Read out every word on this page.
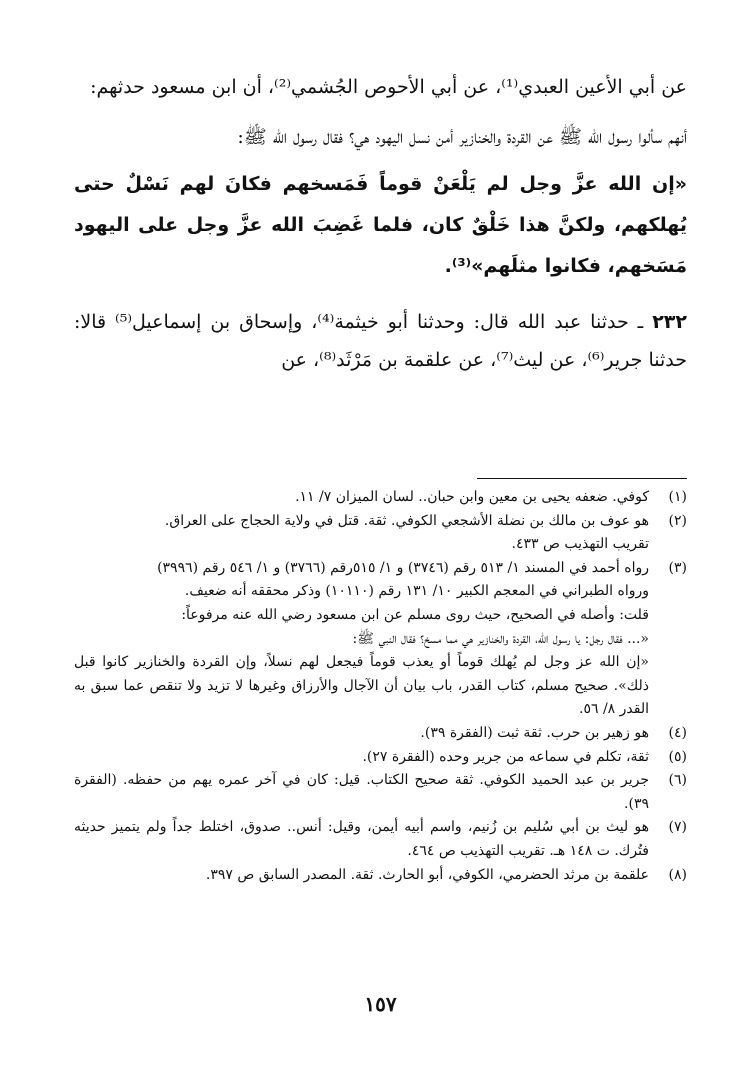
عن أبي الأعين العبدي⁽¹⁾، عن أبي الأحوص الجُشمي⁽²⁾، أن ابن مسعود حدثهم:

أنهم سألوا رسول الله ﷺ عن القردة والخنازير أمن نسل اليهود هي؟ فقال رسول الله ﷺ:

«إن الله عزَّ وجل لم يَلْعَنْ قوماً فَمَسخهم فكانَ لهم نَسْلٌ حتى يُهلكهم، ولكنَّ هذا خَلْقٌ كان، فلما غَضِبَ الله عزَّ وجل على اليهود مَسَخهم، فكانوا مثلَهم»⁽³⁾.

٢٣٢ ـ حدثنا عبد الله قال: وحدثنا أبو خيثمة⁽⁴⁾، وإسحاق بن إسماعيل⁽⁵⁾ قالا: حدثنا جرير⁽⁶⁾، عن ليث⁽⁷⁾، عن علقمة بن مَرْثَد⁽⁸⁾، عن

(١)
كوفي. ضعفه يحيى بن معين وابن حبان.. لسان الميزان ٧/ ١١.
(٢)
هو عوف بن مالك بن نضلة الأشجعي الكوفي. ثقة. قتل في ولاية الحجاج على العراق.
تقريب التهذيب ص ٤٣٣.
(٣)
رواه أحمد في المسند ١/ ٥١٣ رقم (٣٧٤٦) و ١/ ٥١٥رقم (٣٧٦٦) و ١/ ٥٤٦ رقم (٣٩٩٦)
ورواه الطبراني في المعجم الكبير ١٠/ ١٣١ رقم (١٠١١٠) وذكر محققه أنه ضعيف.
قلت: وأصله في الصحيح، حيث روى مسلم عن ابن مسعود رضي الله عنه مرفوعاً:
«... فقال رجل: يا رسول الله، القردة والخنازير هي مما مسخ؟ فقال النبي ﷺ:
«إن الله عز وجل لم يُهلك قوماً أو يعذب قوماً فيجعل لهم نسلاً، وإن القردة والخنازير كانوا قبل ذلك». صحيح مسلم، كتاب القدر، باب بيان أن الآجال والأرزاق وغيرها لا تزيد ولا تنقص عما سبق به القدر ٨/ ٥٦.
(٤)
هو زهير بن حرب. ثقة ثبت (الفقرة ٣٩).
(٥)
ثقة، تكلم في سماعه من جرير وحده (الفقرة ٢٧).
(٦)
جرير بن عبد الحميد الكوفي. ثقة صحيح الكتاب. قيل: كان في آخر عمره يهم من حفظه. (الفقرة ٣٩).
(٧)
هو ليث بن أبي سُليم بن زُنيم، واسم أبيه أيمن، وقيل: أنس.. صدوق، اختلط جداً ولم يتميز حديثه فتُرك. ت ١٤٨ هـ. تقريب التهذيب ص ٤٦٤.
(٨)
علقمة بن مرثد الحضرمي، الكوفي، أبو الحارث. ثقة. المصدر السابق ص ٣٩٧.
١٥٧
